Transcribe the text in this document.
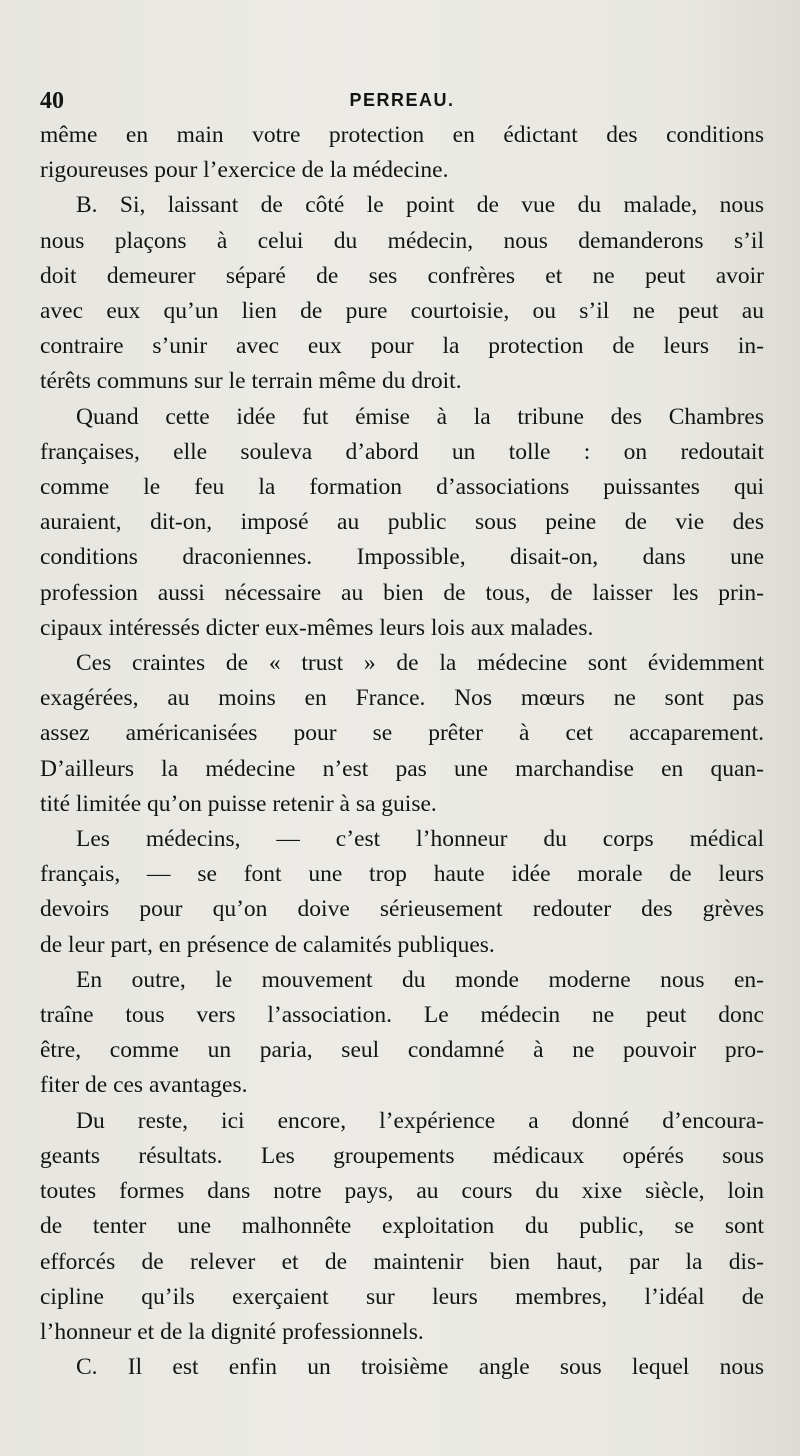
40	PERREAU.
même en main votre protection en édictant des conditions
rigoureuses pour l’exercice de la médecine.
B. Si, laissant de côté le point de vue du malade, nous
nous plaçons à celui du médecin, nous demanderons s’il
doit demeurer séparé de ses confrères et ne peut avoir
avec eux qu’un lien de pure courtoisie, ou s’il ne peut au
contraire s’unir avec eux pour la protection de leurs in-
térêts communs sur le terrain même du droit.
Quand cette idée fut émise à la tribune des Chambres
françaises, elle souleva d’abord un tolle : on redoutait
comme le feu la formation d’associations puissantes qui
auraient, dit-on, imposé au public sous peine de vie des
conditions draconiennes. Impossible, disait-on, dans une
profession aussi nécessaire au bien de tous, de laisser les prin-
cipaux intéressés dicter eux-mêmes leurs lois aux malades.
Ces craintes de « trust » de la médecine sont évidemment
exagérées, au moins en France. Nos mœurs ne sont pas
assez américanisées pour se prêter à cet accaparement.
D’ailleurs la médecine n’est pas une marchandise en quan-
tité limitée qu’on puisse retenir à sa guise.
Les médecins, — c’est l’honneur du corps médical
français, — se font une trop haute idée morale de leurs
devoirs pour qu’on doive sérieusement redouter des grèves
de leur part, en présence de calamités publiques.
En outre, le mouvement du monde moderne nous en-
traîne tous vers l’association. Le médecin ne peut donc
être, comme un paria, seul condamné à ne pouvoir pro-
fiter de ces avantages.
Du reste, ici encore, l’expérience a donné d’encoura-
geants résultats. Les groupements médicaux opérés sous
toutes formes dans notre pays, au cours du xixe siècle, loin
de tenter une malhonnête exploitation du public, se sont
efforcés de relever et de maintenir bien haut, par la dis-
cipline qu’ils exerçaient sur leurs membres, l’idéal de
l’honneur et de la dignité professionnels.
C. Il est enfin un troisième angle sous lequel nous
